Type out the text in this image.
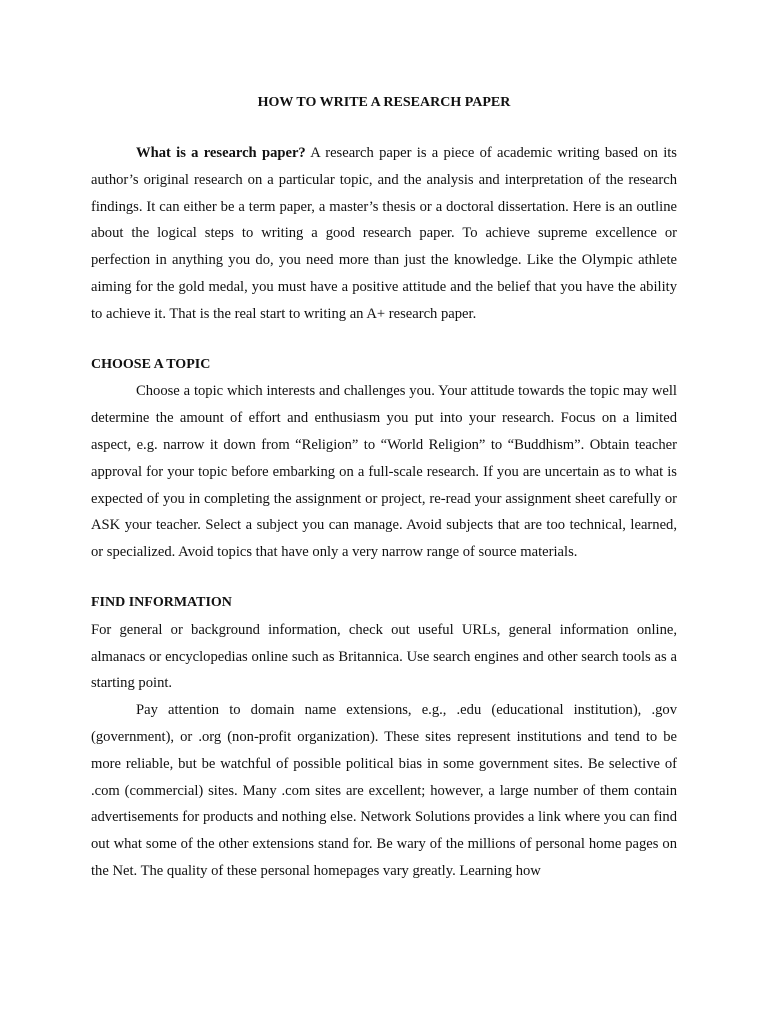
HOW TO WRITE A RESEARCH PAPER

What is a research paper? A research paper is a piece of academic writing based on its author’s original research on a particular topic, and the analysis and interpretation of the research findings. It can either be a term paper, a master’s thesis or a doctoral dissertation. Here is an outline about the logical steps to writing a good research paper. To achieve supreme excellence or perfection in anything you do, you need more than just the knowledge. Like the Olympic athlete aiming for the gold medal, you must have a positive attitude and the belief that you have the ability to achieve it. That is the real start to writing an A+ research paper.

CHOOSE A TOPIC

Choose a topic which interests and challenges you. Your attitude towards the topic may well determine the amount of effort and enthusiasm you put into your research. Focus on a limited aspect, e.g. narrow it down from “Religion” to “World Religion” to “Buddhism”. Obtain teacher approval for your topic before embarking on a full-scale research. If you are uncertain as to what is expected of you in completing the assignment or project, re-read your assignment sheet carefully or ASK your teacher. Select a subject you can manage. Avoid subjects that are too technical, learned, or specialized. Avoid topics that have only a very narrow range of source materials.

FIND INFORMATION

For general or background information, check out useful URLs, general information online, almanacs or encyclopedias online such as Britannica. Use search engines and other search tools as a starting point.

Pay attention to domain name extensions, e.g., .edu (educational institution), .gov (government), or .org (non-profit organization). These sites represent institutions and tend to be more reliable, but be watchful of possible political bias in some government sites. Be selective of .com (commercial) sites. Many .com sites are excellent; however, a large number of them contain advertisements for products and nothing else. Network Solutions provides a link where you can find out what some of the other extensions stand for. Be wary of the millions of personal home pages on the Net. The quality of these personal homepages vary greatly. Learning how
